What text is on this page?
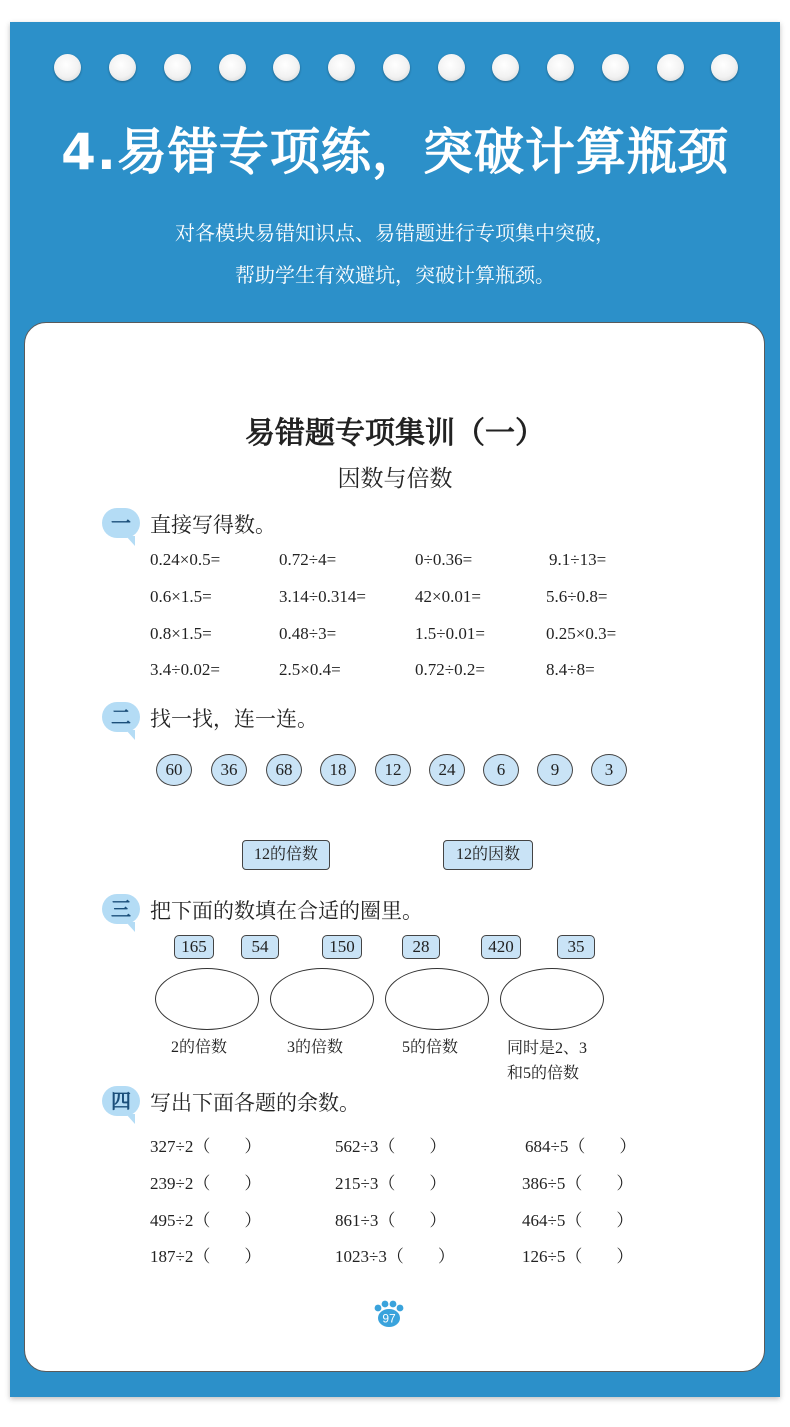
4.易错专项练，突破计算瓶颈
对各模块易错知识点、易错题进行专项集中突破，
帮助学生有效避坑，突破计算瓶颈。
易错题专项集训（一）
因数与倍数
一 直接写得数。
0.24×0.5=	0.72÷4=	0÷0.36=	9.1÷13=
0.6×1.5=	3.14÷0.314=	42×0.01=	5.6÷0.8=
0.8×1.5=	0.48÷3=	1.5÷0.01=	0.25×0.3=
3.4÷0.02=	2.5×0.4=	0.72÷0.2=	8.4÷8=
二 找一找，连一连。
60	36	68	18	12	24	6	9	3
12的倍数	12的因数
三 把下面的数填在合适的圈里。
165	54	150	28	420	35
2的倍数	3的倍数	5的倍数	同时是2、3
和5的倍数
四 写出下面各题的余数。
327÷2（　　）	562÷3（　　）	684÷5（　　）
239÷2（　　）	215÷3（　　）	386÷5（　　）
495÷2（　　）	861÷3（　　）	464÷5（　　）
187÷2（　　）	1023÷3（　　）	126÷5（　　）
97
